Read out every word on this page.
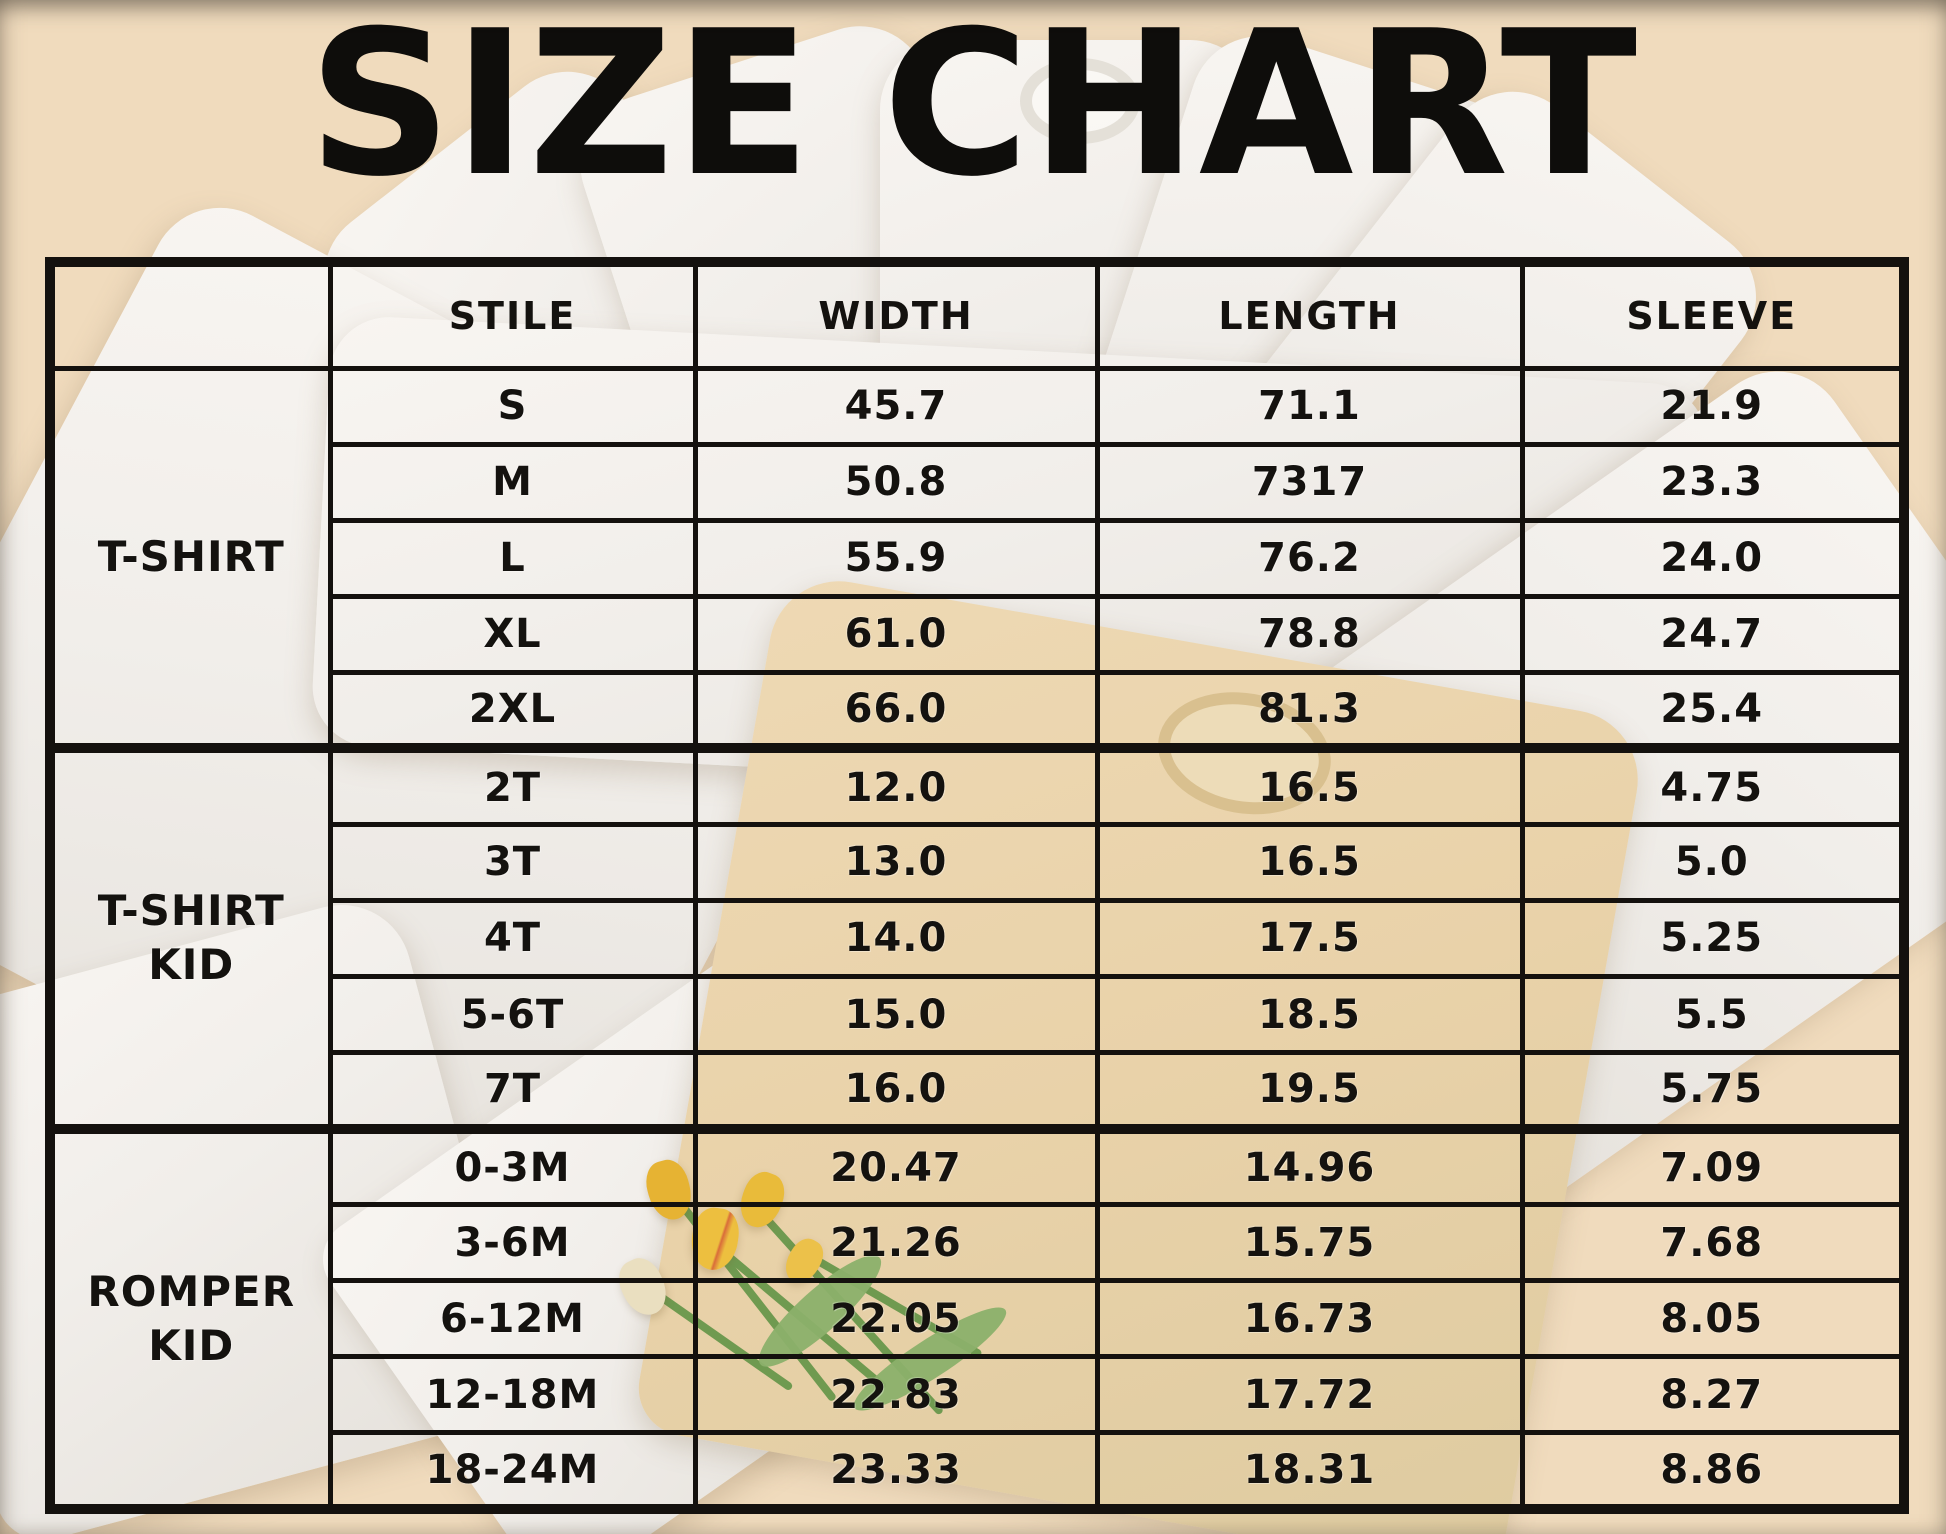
SIZE CHART
	STILE	WIDTH	LENGTH	SLEEVE

T-SHIRT	S	45.7	71.1	21.9
	M	50.8	7317	23.3
	L	55.9	76.2	24.0
	XL	61.0	78.8	24.7
	2XL	66.0	81.3	25.4

T-SHIRT
KID	2T	12.0	16.5	4.75
	3T	13.0	16.5	5.0
	4T	14.0	17.5	5.25
	5-6T	15.0	18.5	5.5
	7T	16.0	19.5	5.75

ROMPER
KID	0-3M	20.47	14.96	7.09
	3-6M	21.26	15.75	7.68
	6-12M	22.05	16.73	8.05
	12-18M	22.83	17.72	8.27
	18-24M	23.33	18.31	8.86
